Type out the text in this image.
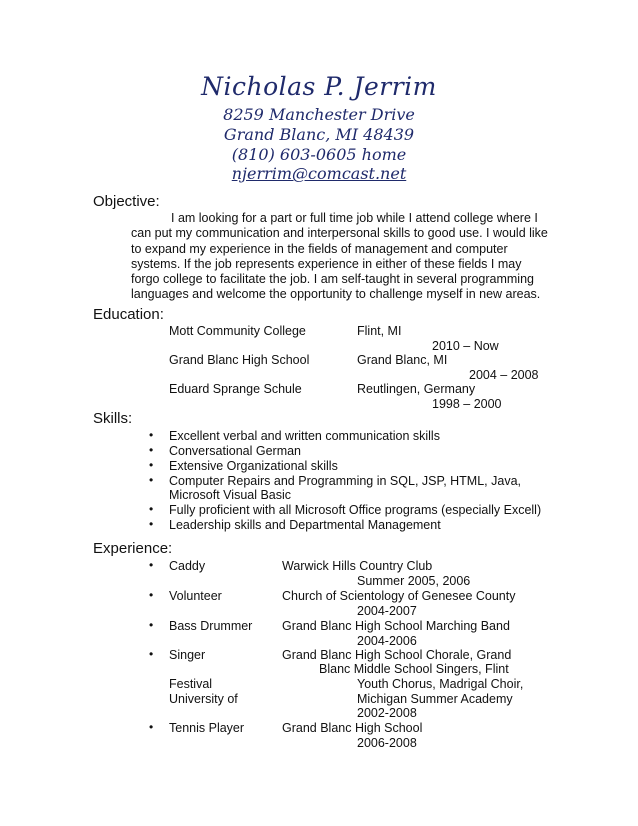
Nicholas P. Jerrim
8259 Manchester Drive
Grand Blanc, MI 48439
(810) 603-0605 home
njerrim@comcast.net
Objective:
I am looking for a part or full time job while I attend college where I can put my communication and interpersonal skills to good use. I would like to expand my experience in the fields of management and computer systems. If the job represents experience in either of these fields I may forgo college to facilitate the job. I am self-taught in several programming languages and welcome the opportunity to challenge myself in new areas.
Education:
Mott Community College	Flint, MI
2010 – Now
Grand Blanc High School	Grand Blanc, MI
2004 – 2008
Eduard Sprange Schule	Reutlingen, Germany
1998 – 2000
Skills:
• Excellent verbal and written communication skills
• Conversational German
• Extensive Organizational skills
• Computer Repairs and Programming in SQL, JSP, HTML, Java,
Microsoft Visual Basic
• Fully proficient with all Microsoft Office programs (especially Excell)
• Leadership skills and Departmental Management
Experience:
• Caddy	Warwick Hills Country Club
Summer 2005, 2006
• Volunteer	Church of Scientology of Genesee County
2004-2007
• Bass Drummer Grand Blanc High School Marching Band
2004-2006
• Singer	Grand Blanc High School Chorale, Grand
Blanc Middle School Singers, Flint
Festival	Youth Chorus, Madrigal Choir,
University of	Michigan Summer Academy
2002-2008
• Tennis Player	Grand Blanc High School
2006-2008
